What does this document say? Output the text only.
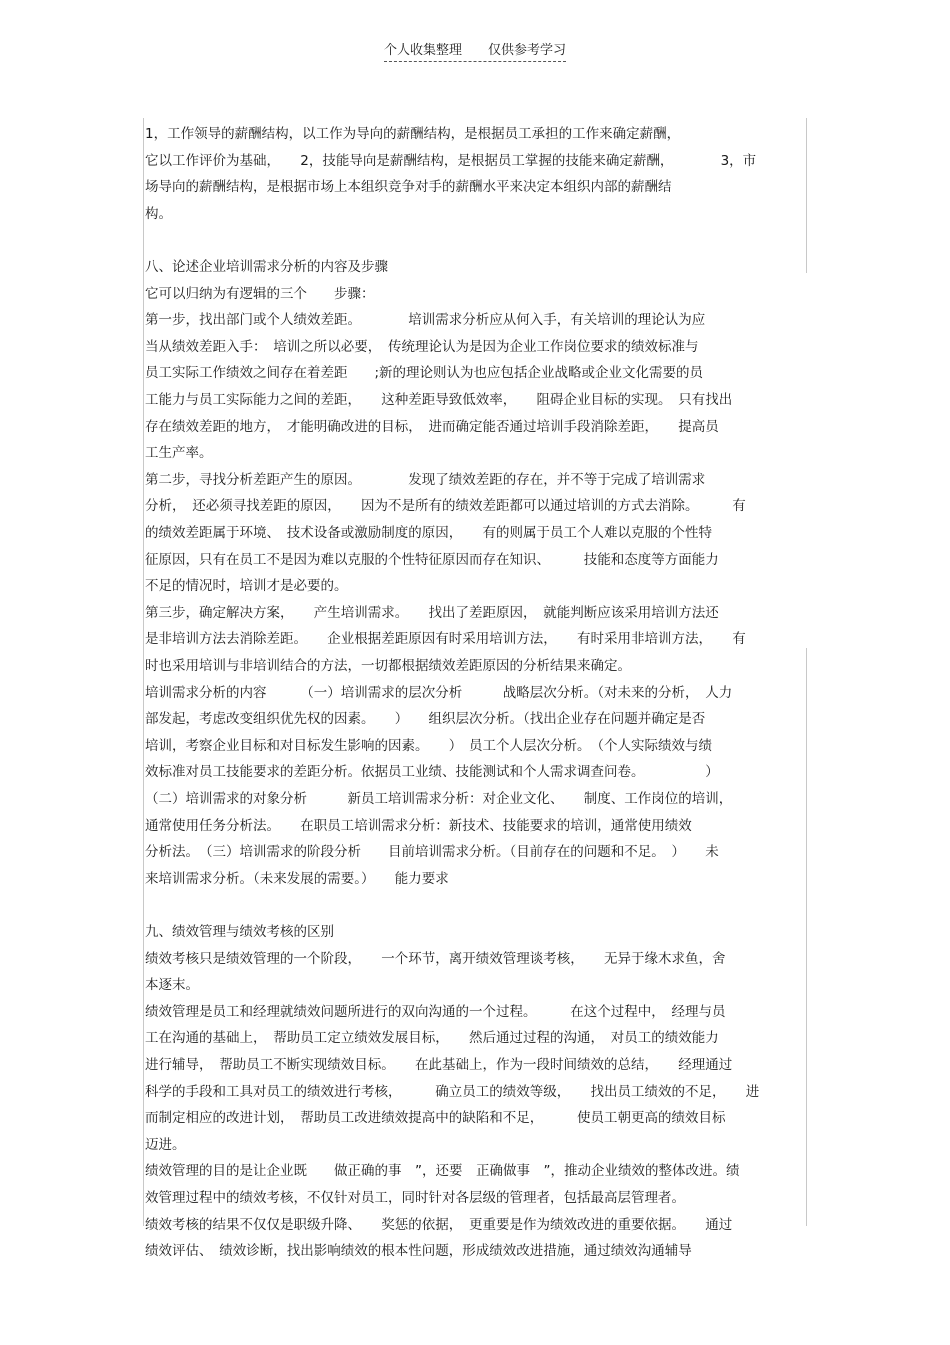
个人收集整理　　 仅供参考学习
1，工作领导的薪酬结构，以工作为导向的薪酬结构，是根据员工承担的工作来确定薪酬，
它以工作评价为基础，　　2，技能导向是薪酬结构，是根据员工掌握的技能来确定薪酬，　　　　3，市
场导向的薪酬结构，是根据市场上本组织竞争对手的薪酬水平来决定本组织内部的薪酬结
构。
八、论述企业培训需求分析的内容及步骤
它可以归纳为有逻辑的三个　　步骤：
第一步，找出部门或个人绩效差距。　　　　培训需求分析应从何入手，有关培训的理论认为应
当从绩效差距入手：　培训之所以必要，　传统理论认为是因为企业工作岗位要求的绩效标准与
员工实际工作绩效之间存在着差距　　;新的理论则认为也应包括企业战略或企业文化需要的员
工能力与员工实际能力之间的差距，　　这种差距导致低效率，　　阻碍企业目标的实现。　只有找出
存在绩效差距的地方，　才能明确改进的目标，　进而确定能否通过培训手段消除差距，　　提高员
工生产率。
第二步，寻找分析差距产生的原因。　　　　发现了绩效差距的存在，并不等于完成了培训需求
分析，　还必须寻找差距的原因，　　因为不是所有的绩效差距都可以通过培训的方式去消除。　　　有
的绩效差距属于环境、　技术设备或激励制度的原因，　　有的则属于员工个人难以克服的个性特
征原因，只有在员工不是因为难以克服的个性特征原因而存在知识、　　　技能和态度等方面能力
不足的情况时，培训才是必要的。
第三步，确定解决方案，　　产生培训需求。　　找出了差距原因，　就能判断应该采用培训方法还
是非培训方法去消除差距。　　企业根据差距原因有时采用培训方法，　　有时采用非培训方法，　　有
时也采用培训与非培训结合的方法，一切都根据绩效差距原因的分析结果来确定。
培训需求分析的内容　　　（一）培训需求的层次分析　　　战略层次分析。（对未来的分析，　人力
部发起，考虑改变组织优先权的因素。　　）　　组织层次分析。（找出企业存在问题并确定是否
培训，考察企业目标和对目标发生影响的因素。　　）　员工个人层次分析。　（个人实际绩效与绩
效标准对员工技能要求的差距分析。依据员工业绩、技能测试和个人需求调查问卷。　　　　　）
（二）培训需求的对象分析　　　新员工培训需求分析：对企业文化、　　制度、工作岗位的培训，
通常使用任务分析法。　　在职员工培训需求分析：新技术、技能要求的培训，通常使用绩效
分析法。　（三）培训需求的阶段分析　　目前培训需求分析。（目前存在的问题和不足。　）　　未
来培训需求分析。（未来发展的需要。）　　能力要求
九、绩效管理与绩效考核的区别
绩效考核只是绩效管理的一个阶段，　　一个环节，离开绩效管理谈考核，　　无异于缘木求鱼，舍
本逐末。
绩效管理是员工和经理就绩效问题所进行的双向沟通的一个过程。　　　在这个过程中，　经理与员
工在沟通的基础上，　帮助员工定立绩效发展目标，　　然后通过过程的沟通，　对员工的绩效能力
进行辅导，　帮助员工不断实现绩效目标。　　在此基础上，作为一段时间绩效的总结，　　经理通过
科学的手段和工具对员工的绩效进行考核，　　　确立员工的绩效等级，　　找出员工绩效的不足，　　进
而制定相应的改进计划，　帮助员工改进绩效提高中的缺陷和不足，　　　使员工朝更高的绩效目标
迈进。
绩效管理的目的是让企业既　　做正确的事　”，还要　正确做事　”，推动企业绩效的整体改进。绩
效管理过程中的绩效考核，不仅针对员工，同时针对各层级的管理者，包括最高层管理者。
绩效考核的结果不仅仅是职级升降、　　奖惩的依据，　更重要是作为绩效改进的重要依据。　　通过
绩效评估、　绩效诊断，找出影响绩效的根本性问题，形成绩效改进措施，通过绩效沟通辅导
